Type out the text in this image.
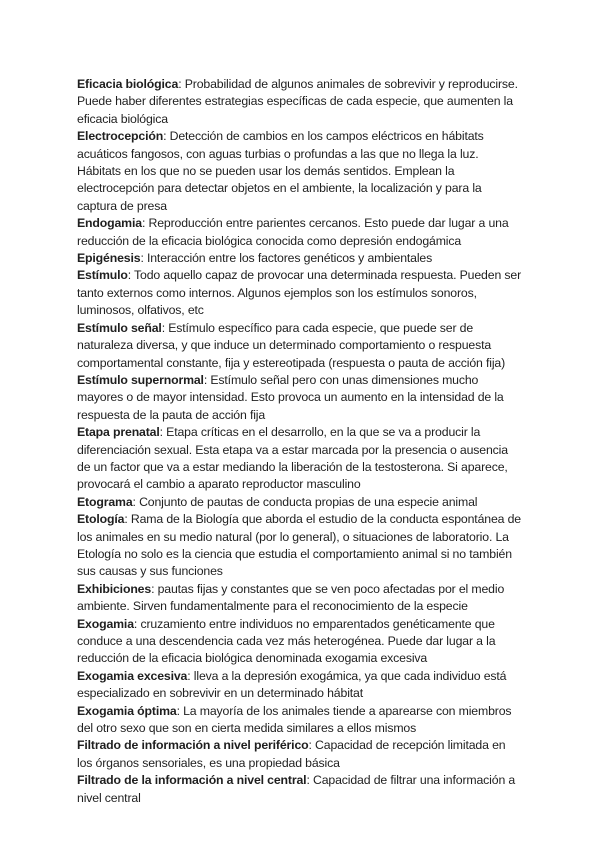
Eficacia biológica: Probabilidad de algunos animales de sobrevivir y reproducirse. Puede haber diferentes estrategias específicas de cada especie, que aumenten la eficacia biológica

Electrocepción: Detección de cambios en los campos eléctricos en hábitats acuáticos fangosos, con aguas turbias o profundas a las que no llega la luz. Hábitats en los que no se pueden usar los demás sentidos. Emplean la electrocepción para detectar objetos en el ambiente, la localización y para la captura de presa

Endogamia: Reproducción entre parientes cercanos. Esto puede dar lugar a una reducción de la eficacia biológica conocida como depresión endogámica

Epigénesis: Interacción entre los factores genéticos y ambientales

Estímulo: Todo aquello capaz de provocar una determinada respuesta. Pueden ser tanto externos como internos. Algunos ejemplos son los estímulos sonoros, luminosos, olfativos, etc

Estímulo señal: Estímulo específico para cada especie, que puede ser de naturaleza diversa, y que induce un determinado comportamiento o respuesta comportamental constante, fija y estereotipada (respuesta o pauta de acción fija)

Estímulo supernormal: Estímulo señal pero con unas dimensiones mucho mayores o de mayor intensidad. Esto provoca un aumento en la intensidad de la respuesta de la pauta de acción fija

Etapa prenatal: Etapa críticas en el desarrollo, en la que se va a producir la diferenciación sexual. Esta etapa va a estar marcada por la presencia o ausencia de un factor que va a estar mediando la liberación de la testosterona. Si aparece, provocará el cambio a aparato reproductor masculino

Etograma: Conjunto de pautas de conducta propias de una especie animal

Etología: Rama de la Biología que aborda el estudio de la conducta espontánea de los animales en su medio natural (por lo general), o situaciones de laboratorio. La Etología no solo es la ciencia que estudia el comportamiento animal si no también sus causas y sus funciones

Exhibiciones: pautas fijas y constantes que se ven poco afectadas por el medio ambiente. Sirven fundamentalmente para el reconocimiento de la especie

Exogamia: cruzamiento entre individuos no emparentados genéticamente que conduce a una descendencia cada vez más heterogénea. Puede dar lugar a la reducción de la eficacia biológica denominada exogamia excesiva

Exogamia excesiva: lleva a la depresión exogámica, ya que cada individuo está especializado en sobrevivir en un determinado hábitat

Exogamia óptima: La mayoría de los animales tiende a aparearse con miembros del otro sexo que son en cierta medida similares a ellos mismos

Filtrado de información a nivel periférico: Capacidad de recepción limitada en los órganos sensoriales, es una propiedad básica

Filtrado de la información a nivel central: Capacidad de filtrar una información a nivel central
